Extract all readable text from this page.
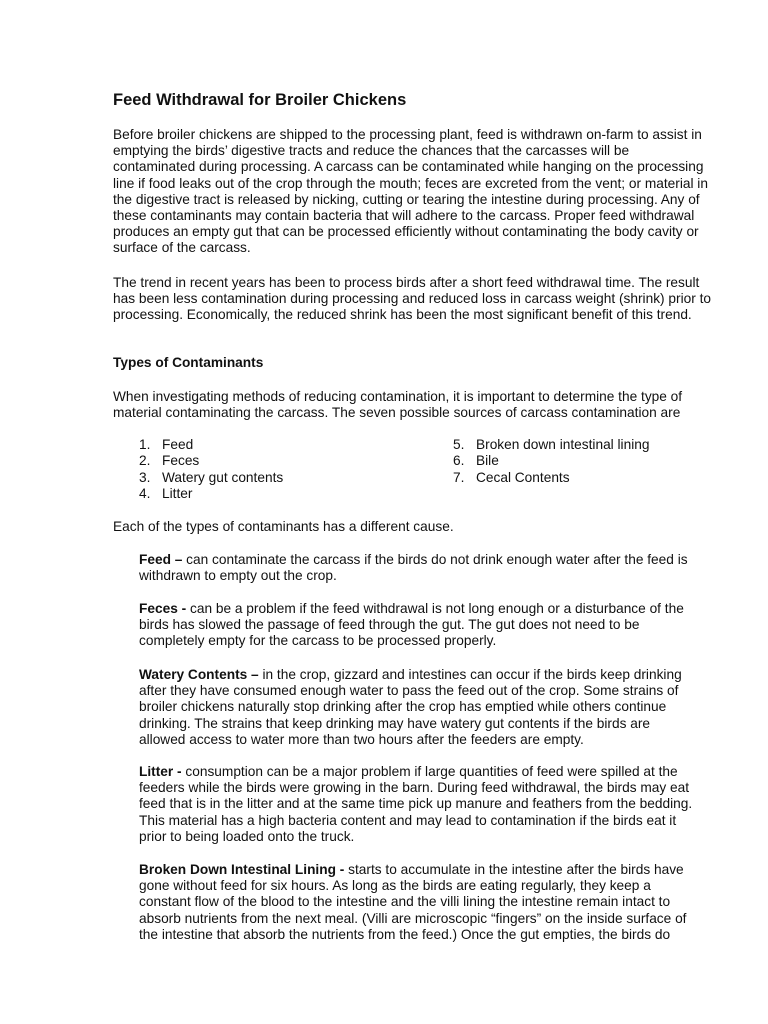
Feed Withdrawal for Broiler Chickens

Before broiler chickens are shipped to the processing plant, feed is withdrawn on-farm to assist in emptying the birds’ digestive tracts and reduce the chances that the carcasses will be contaminated during processing. A carcass can be contaminated while hanging on the processing line if food leaks out of the crop through the mouth; feces are excreted from the vent; or material in the digestive tract is released by nicking, cutting or tearing the intestine during processing. Any of these contaminants may contain bacteria that will adhere to the carcass. Proper feed withdrawal produces an empty gut that can be processed efficiently without contaminating the body cavity or surface of the carcass.

The trend in recent years has been to process birds after a short feed withdrawal time. The result has been less contamination during processing and reduced loss in carcass weight (shrink) prior to processing. Economically, the reduced shrink has been the most significant benefit of this trend.

Types of Contaminants

When investigating methods of reducing contamination, it is important to determine the type of material contaminating the carcass. The seven possible sources of carcass contamination are

1. Feed
2. Feces
3. Watery gut contents
4. Litter
5. Broken down intestinal lining
6. Bile
7. Cecal Contents

Each of the types of contaminants has a different cause.

Feed – can contaminate the carcass if the birds do not drink enough water after the feed is withdrawn to empty out the crop.

Feces - can be a problem if the feed withdrawal is not long enough or a disturbance of the birds has slowed the passage of feed through the gut. The gut does not need to be completely empty for the carcass to be processed properly.

Watery Contents – in the crop, gizzard and intestines can occur if the birds keep drinking after they have consumed enough water to pass the feed out of the crop. Some strains of broiler chickens naturally stop drinking after the crop has emptied while others continue drinking. The strains that keep drinking may have watery gut contents if the birds are allowed access to water more than two hours after the feeders are empty.

Litter - consumption can be a major problem if large quantities of feed were spilled at the feeders while the birds were growing in the barn. During feed withdrawal, the birds may eat feed that is in the litter and at the same time pick up manure and feathers from the bedding. This material has a high bacteria content and may lead to contamination if the birds eat it prior to being loaded onto the truck.

Broken Down Intestinal Lining - starts to accumulate in the intestine after the birds have gone without feed for six hours. As long as the birds are eating regularly, they keep a constant flow of the blood to the intestine and the villi lining the intestine remain intact to absorb nutrients from the next meal. (Villi are microscopic “fingers” on the inside surface of the intestine that absorb the nutrients from the feed.) Once the gut empties, the birds do
